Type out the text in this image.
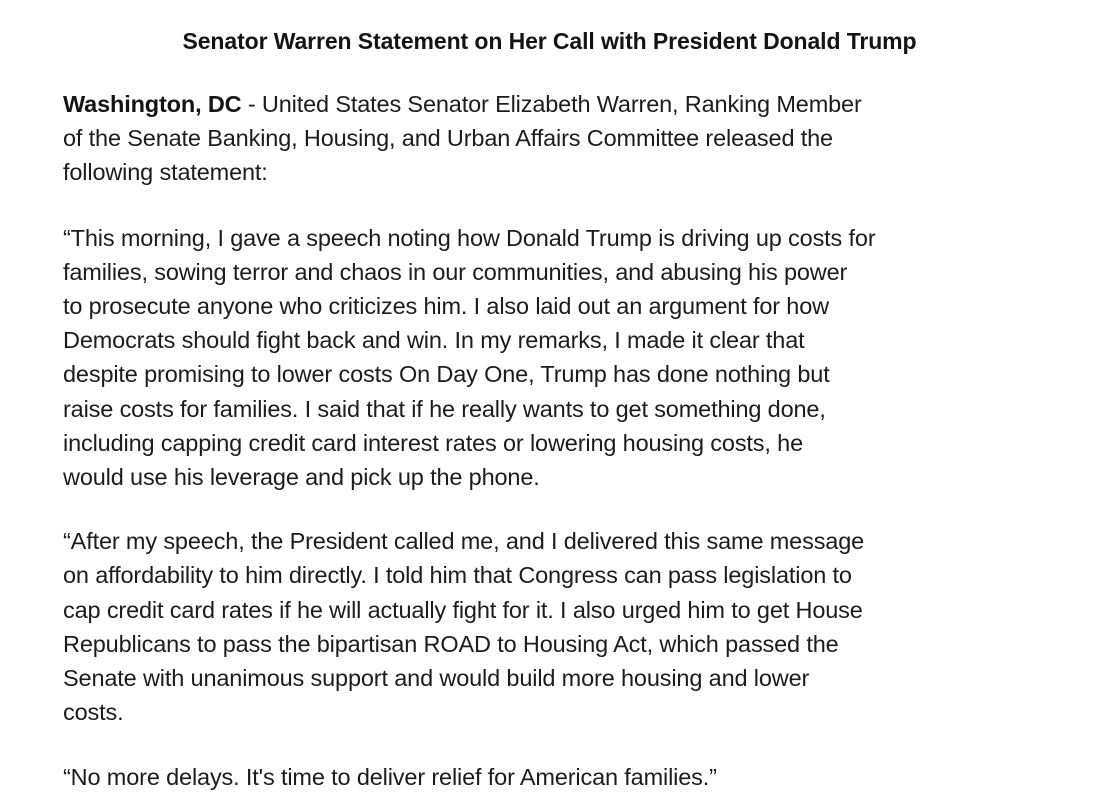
Senator Warren Statement on Her Call with President Donald Trump

Washington, DC - United States Senator Elizabeth Warren, Ranking Member
of the Senate Banking, Housing, and Urban Affairs Committee released the
following statement:

“This morning, I gave a speech noting how Donald Trump is driving up costs for
families, sowing terror and chaos in our communities, and abusing his power
to prosecute anyone who criticizes him. I also laid out an argument for how
Democrats should fight back and win. In my remarks, I made it clear that
despite promising to lower costs On Day One, Trump has done nothing but
raise costs for families. I said that if he really wants to get something done,
including capping credit card interest rates or lowering housing costs, he
would use his leverage and pick up the phone.

“After my speech, the President called me, and I delivered this same message
on affordability to him directly. I told him that Congress can pass legislation to
cap credit card rates if he will actually fight for it. I also urged him to get House
Republicans to pass the bipartisan ROAD to Housing Act, which passed the
Senate with unanimous support and would build more housing and lower
costs.

“No more delays. It's time to deliver relief for American families.”
